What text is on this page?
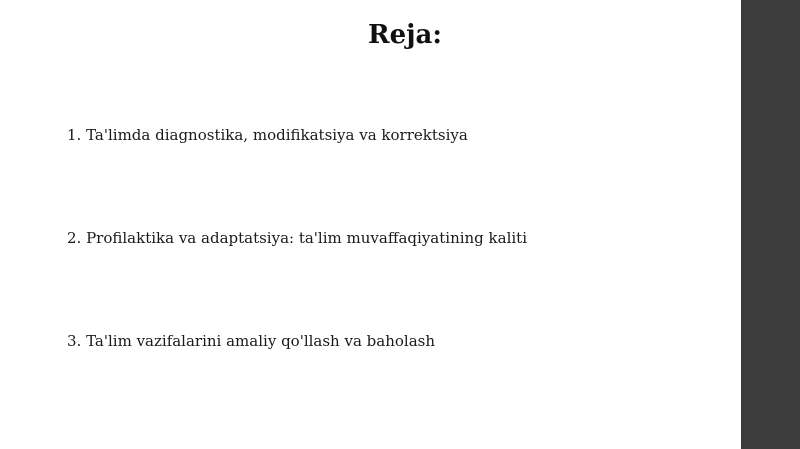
Reja:
1. Ta'limda diagnostika, modifikatsiya va korrektsiya
2. Profilaktika va adaptatsiya: ta'lim muvaffaqiyatining kaliti
3. Ta'lim vazifalarini amaliy qo'llash va baholash
